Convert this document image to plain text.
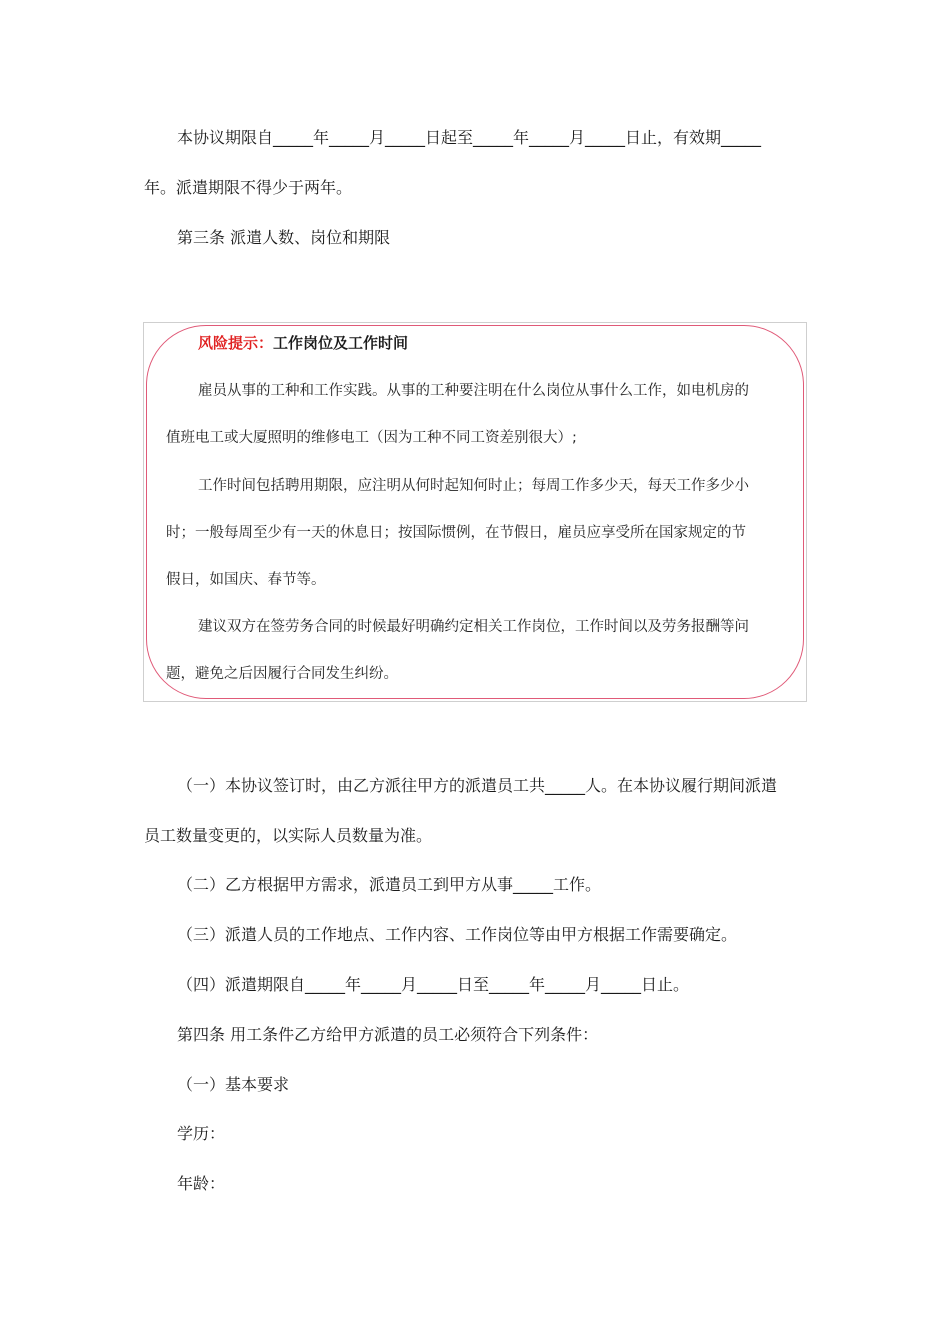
本协议期限自_____年_____月_____日起至_____年_____月_____日止，有效期_____
年。派遣期限不得少于两年。
第三条 派遣人数、岗位和期限
风险提示：工作岗位及工作时间
雇员从事的工种和工作实践。从事的工种要注明在什么岗位从事什么工作，如电机房的
值班电工或大厦照明的维修电工（因为工种不同工资差别很大）;
工作时间包括聘用期限，应注明从何时起知何时止；每周工作多少天，每天工作多少小
时；一般每周至少有一天的休息日；按国际惯例，在节假日，雇员应享受所在国家规定的节
假日，如国庆、春节等。
建议双方在签劳务合同的时候最好明确约定相关工作岗位，工作时间以及劳务报酬等问
题，避免之后因履行合同发生纠纷。
（一）本协议签订时，由乙方派往甲方的派遣员工共_____人。在本协议履行期间派遣
员工数量变更的，以实际人员数量为准。
（二）乙方根据甲方需求，派遣员工到甲方从事_____工作。
（三）派遣人员的工作地点、工作内容、工作岗位等由甲方根据工作需要确定。
（四）派遣期限自_____年_____月_____日至_____年_____月_____日止。
第四条 用工条件乙方给甲方派遣的员工必须符合下列条件：
（一）基本要求
学历：
年龄：
